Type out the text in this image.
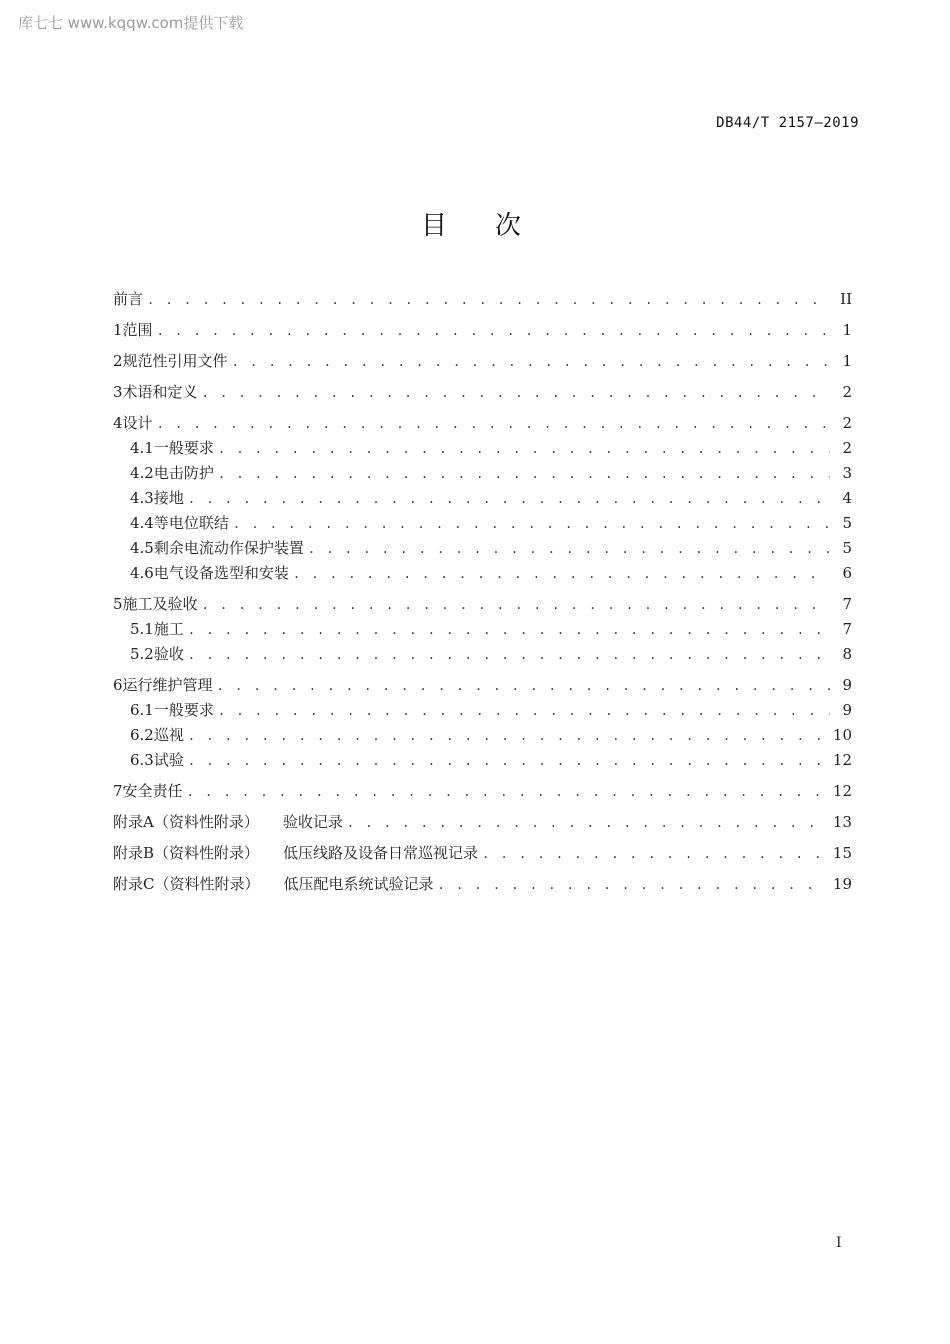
库七七 www.kqqw.com提供下载
DB44/T 2157—2019
目次
前言 . . .	II
1 范围 . . .	1
2 规范性引用文件 . . .	1
3 术语和定义 . . .	2
4 设计 . . .	2
4.1 一般要求 . . .	2
4.2 电击防护 . . .	3
4.3 接地 . . .	4
4.4 等电位联结 . . .	5
4.5 剩余电流动作保护装置 . . .	5
4.6 电气设备选型和安装 . . .	6
5 施工及验收 . . .	7
5.1 施工 . . .	7
5.2 验收 . . .	8
6 运行维护管理 . . .	9
6.1 一般要求 . . .	9
6.2 巡视 . . .	10
6.3 试验 . . .	12
7 安全责任 . . .	12
附录A（资料性附录） 验收记录 . . .	13
附录B（资料性附录） 低压线路及设备日常巡视记录 . . .	15
附录C（资料性附录） 低压配电系统试验记录 . . .	19
I
